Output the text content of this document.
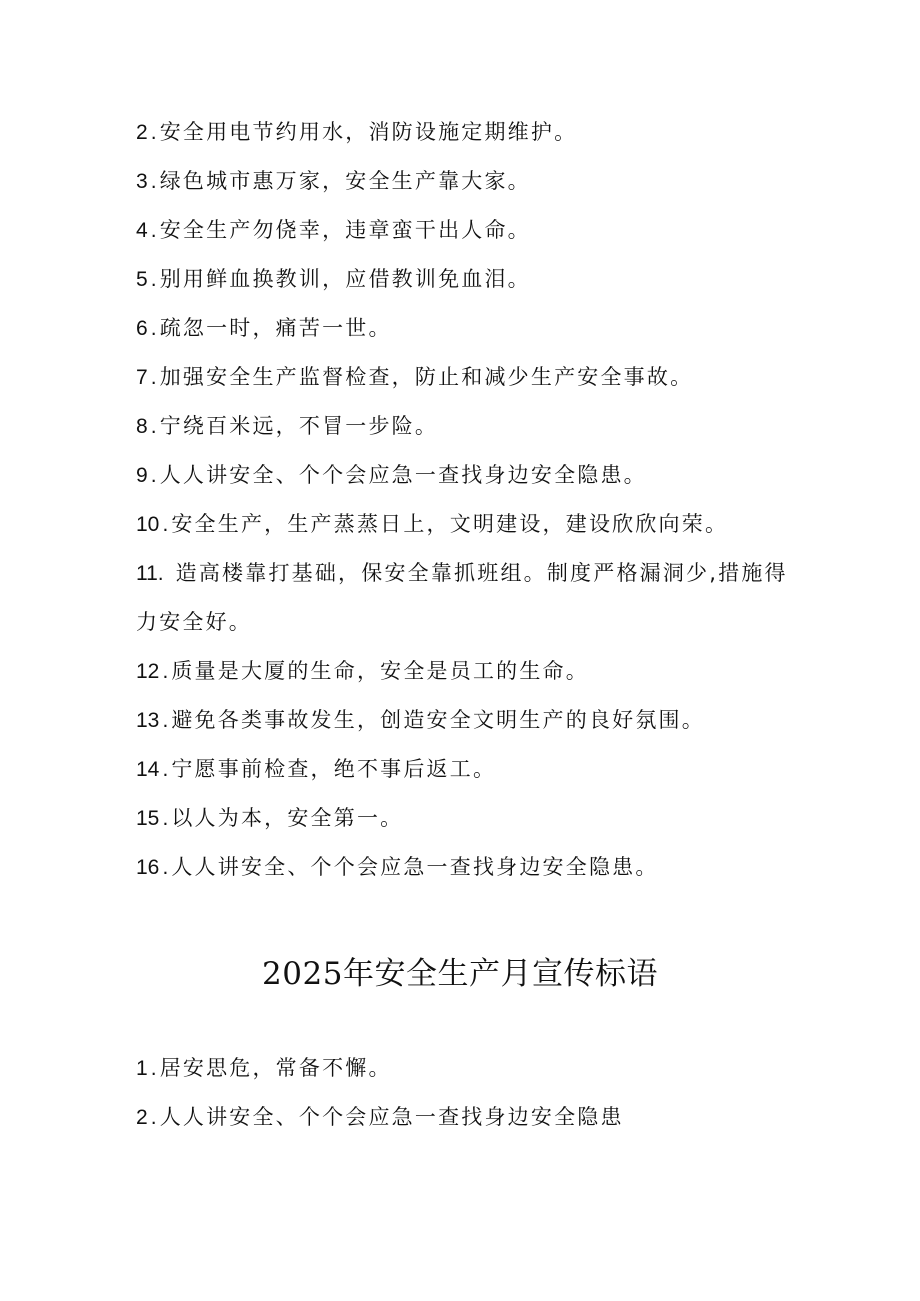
2 . 安全用电节约用水，消防设施定期维护。
3 . 绿色城市惠万家，安全生产靠大家。
4 . 安全生产勿侥幸，违章蛮干出人命。
5 . 别用鲜血换教训，应借教训免血泪。
6 . 疏忽一时，痛苦一世。
7 . 加强安全生产监督检查，防止和减少生产安全事故。
8 . 宁绕百米远，不冒一步险。
9 . 人人讲安全、个个会应急一查找身边安全隐患。
10 . 安全生产，生产蒸蒸日上，文明建设，建设欣欣向荣。
11. 造高楼靠打基础，保安全靠抓班组。制度严格漏洞少,措施得力安全好。
12 . 质量是大厦的生命，安全是员工的生命。
13 . 避免各类事故发生，创造安全文明生产的良好氛围。
14 . 宁愿事前检查，绝不事后返工。
15 . 以人为本，安全第一。
16 . 人人讲安全、个个会应急一查找身边安全隐患。
2025年安全生产月宣传标语
1 . 居安思危，常备不懈。
2 . 人人讲安全、个个会应急一查找身边安全隐患
